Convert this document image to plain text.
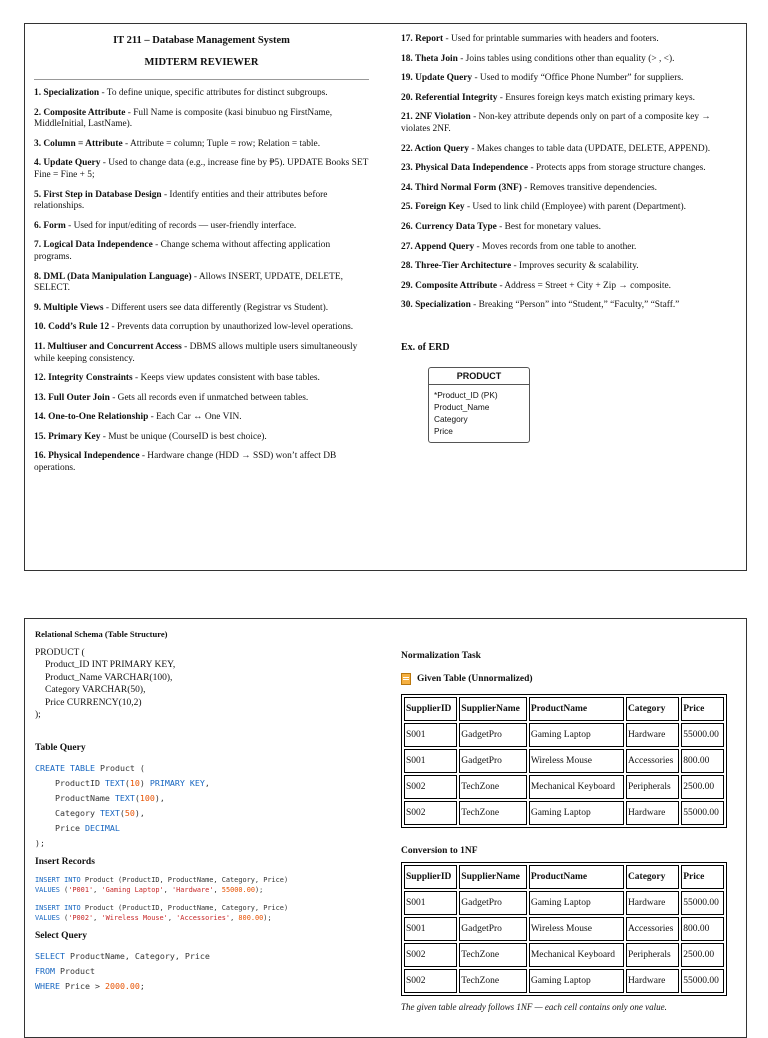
IT 211 – Database Management System

MIDTERM REVIEWER

1. Specialization - To define unique, specific attributes for distinct subgroups.

2. Composite Attribute - Full Name is composite (kasi binubuo ng FirstName, MiddleInitial, LastName).

3. Column = Attribute - Attribute = column; Tuple = row; Relation = table.

4. Update Query - Used to change data (e.g., increase fine by ₱5). UPDATE Books SET Fine = Fine + 5;

5. First Step in Database Design - Identify entities and their attributes before relationships.

6. Form - Used for input/editing of records — user-friendly interface.

7. Logical Data Independence - Change schema without affecting application programs.

8. DML (Data Manipulation Language) - Allows INSERT, UPDATE, DELETE, SELECT.

9. Multiple Views - Different users see data differently (Registrar vs Student).

10. Codd’s Rule 12 - Prevents data corruption by unauthorized low-level operations.

11. Multiuser and Concurrent Access - DBMS allows multiple users simultaneously while keeping consistency.

12. Integrity Constraints - Keeps view updates consistent with base tables.

13. Full Outer Join - Gets all records even if unmatched between tables.

14. One-to-One Relationship - Each Car ↔ One VIN.

15. Primary Key - Must be unique (CourseID is best choice).

16. Physical Independence - Hardware change (HDD → SSD) won’t affect DB operations.

17. Report - Used for printable summaries with headers and footers.

18. Theta Join - Joins tables using conditions other than equality (> , <).

19. Update Query - Used to modify “Office Phone Number” for suppliers.

20. Referential Integrity - Ensures foreign keys match existing primary keys.

21. 2NF Violation - Non-key attribute depends only on part of a composite key → violates 2NF.

22. Action Query - Makes changes to table data (UPDATE, DELETE, APPEND).

23. Physical Data Independence - Protects apps from storage structure changes.

24. Third Normal Form (3NF) - Removes transitive dependencies.

25. Foreign Key - Used to link child (Employee) with parent (Department).

26. Currency Data Type - Best for monetary values.

27. Append Query - Moves records from one table to another.

28. Three-Tier Architecture - Improves security & scalability.

29. Composite Attribute - Address = Street + City + Zip → composite.

30. Specialization - Breaking “Person” into “Student,” “Faculty,” “Staff.”

Ex. of ERD

PRODUCT
*Product_ID (PK)
Product_Name
Category
Price

Relational Schema (Table Structure)

PRODUCT (
Product_ID INT PRIMARY KEY,
Product_Name VARCHAR(100),
Category VARCHAR(50),
Price CURRENCY(10,2)
);

Table Query

CREATE TABLE Product (
ProductID TEXT(10) PRIMARY KEY,
ProductName TEXT(100),
Category TEXT(50),
Price DECIMAL
);

Insert Records

INSERT INTO Product (ProductID, ProductName, Category, Price)
VALUES ('P001', 'Gaming Laptop', 'Hardware', 55000.00);
INSERT INTO Product (ProductID, ProductName, Category, Price)
VALUES ('P002', 'Wireless Mouse', 'Accessories', 800.00);

Select Query

SELECT ProductName, Category, Price
FROM Product
WHERE Price > 2000.00;

Normalization Task

Given Table (Unnormalized)

SupplierID	SupplierName	ProductName	Category	Price
S001	GadgetPro	Gaming Laptop	Hardware	55000.00
S001	GadgetPro	Wireless Mouse	Accessories	800.00
S002	TechZone	Mechanical Keyboard	Peripherals	2500.00
S002	TechZone	Gaming Laptop	Hardware	55000.00

Conversion to 1NF

SupplierID	SupplierName	ProductName	Category	Price
S001	GadgetPro	Gaming Laptop	Hardware	55000.00
S001	GadgetPro	Wireless Mouse	Accessories	800.00
S002	TechZone	Mechanical Keyboard	Peripherals	2500.00
S002	TechZone	Gaming Laptop	Hardware	55000.00

The given table already follows 1NF — each cell contains only one value.
